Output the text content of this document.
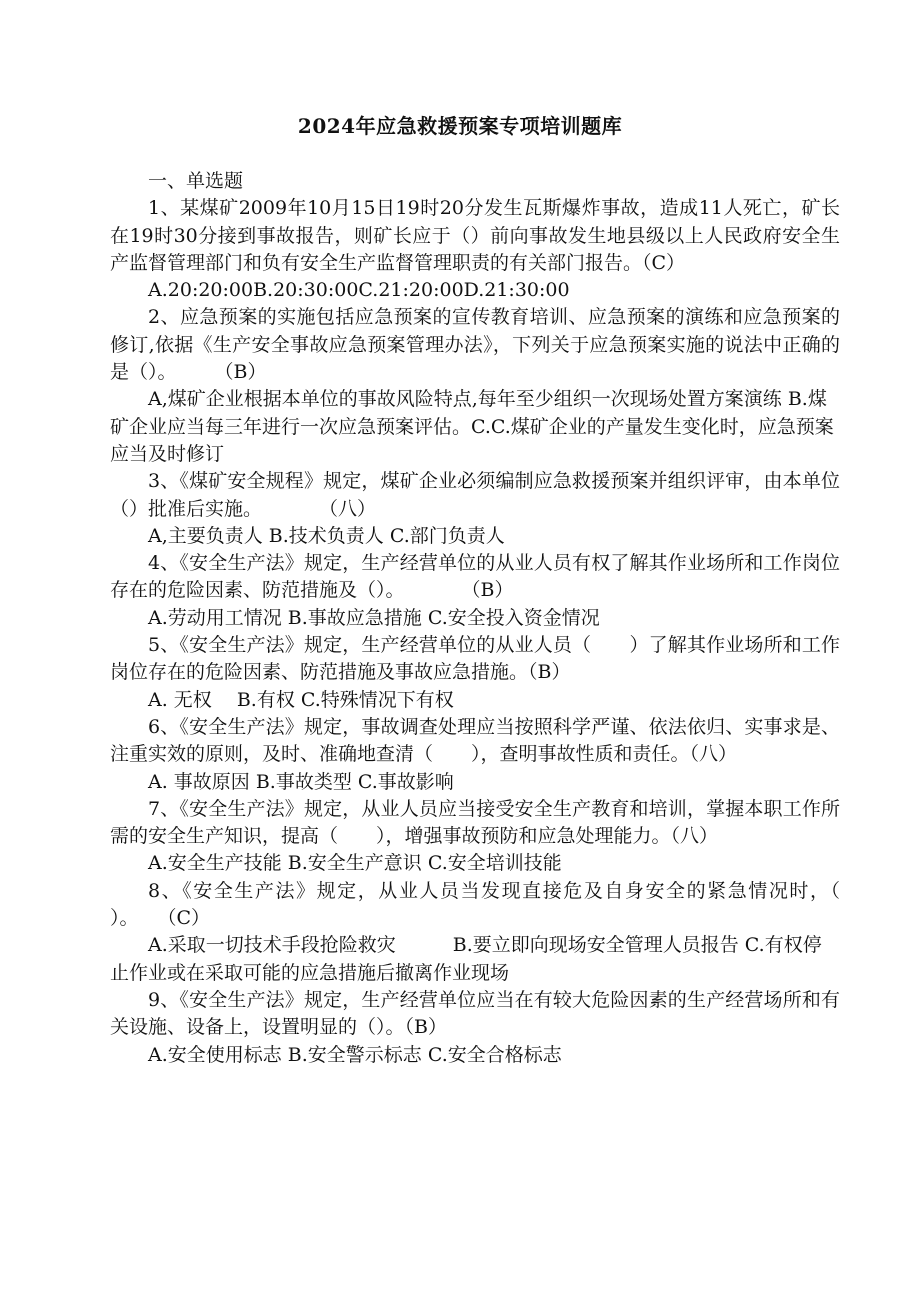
2024年应急救援预案专项培训题库

一、单选题

1、某煤矿2009年10月15日19时20分发生瓦斯爆炸事故，造成11人死亡，矿长在19时30分接到事故报告，则矿长应于（）前向事故发生地县级以上人民政府安全生产监督管理部门和负有安全生产监督管理职责的有关部门报告。（C）

A.20:20:00B.20:30:00C.21:20:00D.21:30:00

2、应急预案的实施包括应急预案的宣传教育培训、应急预案的演练和应急预案的修订,依据《生产安全事故应急预案管理办法》，下列关于应急预案实施的说法中正确的是（）。　　　（B）

A,煤矿企业根据本单位的事故风险特点,每年至少组织一次现场处置方案演练 B.煤矿企业应当每三年进行一次应急预案评估。C.C.煤矿企业的产量发生变化时，应急预案应当及时修订

3、《煤矿安全规程》规定，煤矿企业必须编制应急救援预案并组织评审，由本单位（）批准后实施。　　　　（八）

A,主要负责人 B.技术负责人 C.部门负责人

4、《安全生产法》规定，生产经营单位的从业人员有权了解其作业场所和工作岗位存在的危险因素、防范措施及（）。　　　　（B）

A.劳动用工情况 B.事故应急措施 C.安全投入资金情况

5、《安全生产法》规定，生产经营单位的从业人员（　　）了解其作业场所和工作岗位存在的危险因素、防范措施及事故应急措施。（B）

A. 无权　 B.有权 C.特殊情况下有权

6、《安全生产法》规定，事故调查处理应当按照科学严谨、依法依归、实事求是、注重实效的原则，及时、准确地查清（　　），查明事故性质和责任。（八）

A. 事故原因 B.事故类型 C.事故影响

7、《安全生产法》规定，从业人员应当接受安全生产教育和培训，掌握本职工作所需的安全生产知识，提高（　　），增强事故预防和应急处理能力。（八）

A.安全生产技能 B.安全生产意识 C.安全培训技能

8、《安全生产法》规定，从业人员当发现直接危及自身安全的紧急情况时，（　　）。　　（C）

A.采取一切技术手段抢险救灾　　　B.要立即向现场安全管理人员报告 C.有权停止作业或在采取可能的应急措施后撤离作业现场

9、《安全生产法》规定，生产经营单位应当在有较大危险因素的生产经营场所和有关设施、设备上，设置明显的（）。（B）

A.安全使用标志 B.安全警示标志 C.安全合格标志
